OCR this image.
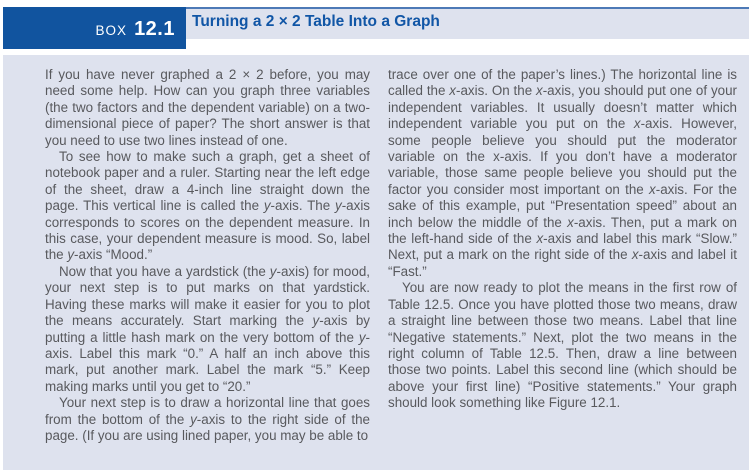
BOX 12.1	Turning a 2 × 2 Table Into a Graph

If you have never graphed a 2 × 2 before, you may need some help. How can you graph three variables (the two factors and the dependent variable) on a two-dimensional piece of paper? The short answer is that you need to use two lines instead of one.

To see how to make such a graph, get a sheet of notebook paper and a ruler. Starting near the left edge of the sheet, draw a 4-inch line straight down the page. This vertical line is called the y-axis. The y-axis corresponds to scores on the dependent measure. In this case, your dependent measure is mood. So, label the y-axis “Mood.”

Now that you have a yardstick (the y-axis) for mood, your next step is to put marks on that yardstick. Having these marks will make it easier for you to plot the means accurately. Start marking the y-axis by putting a little hash mark on the very bottom of the y-axis. Label this mark “0.” A half an inch above this mark, put another mark. Label the mark “5.” Keep making marks until you get to “20.”

Your next step is to draw a horizontal line that goes from the bottom of the y-axis to the right side of the page. (If you are using lined paper, you may be able to

trace over one of the paper’s lines.) The horizontal line is called the x-axis. On the x-axis, you should put one of your independent variables. It usually doesn’t matter which independent variable you put on the x-axis. However, some people believe you should put the moderator variable on the x-axis. If you don’t have a moderator variable, those same people believe you should put the factor you consider most important on the x-axis. For the sake of this example, put “Presentation speed” about an inch below the middle of the x-axis. Then, put a mark on the left-hand side of the x-axis and label this mark “Slow.” Next, put a mark on the right side of the x-axis and label it “Fast.”

You are now ready to plot the means in the first row of Table 12.5. Once you have plotted those two means, draw a straight line between those two means. Label that line “Negative statements.” Next, plot the two means in the right column of Table 12.5. Then, draw a line between those two points. Label this second line (which should be above your first line) “Positive statements.” Your graph should look something like Figure 12.1.
